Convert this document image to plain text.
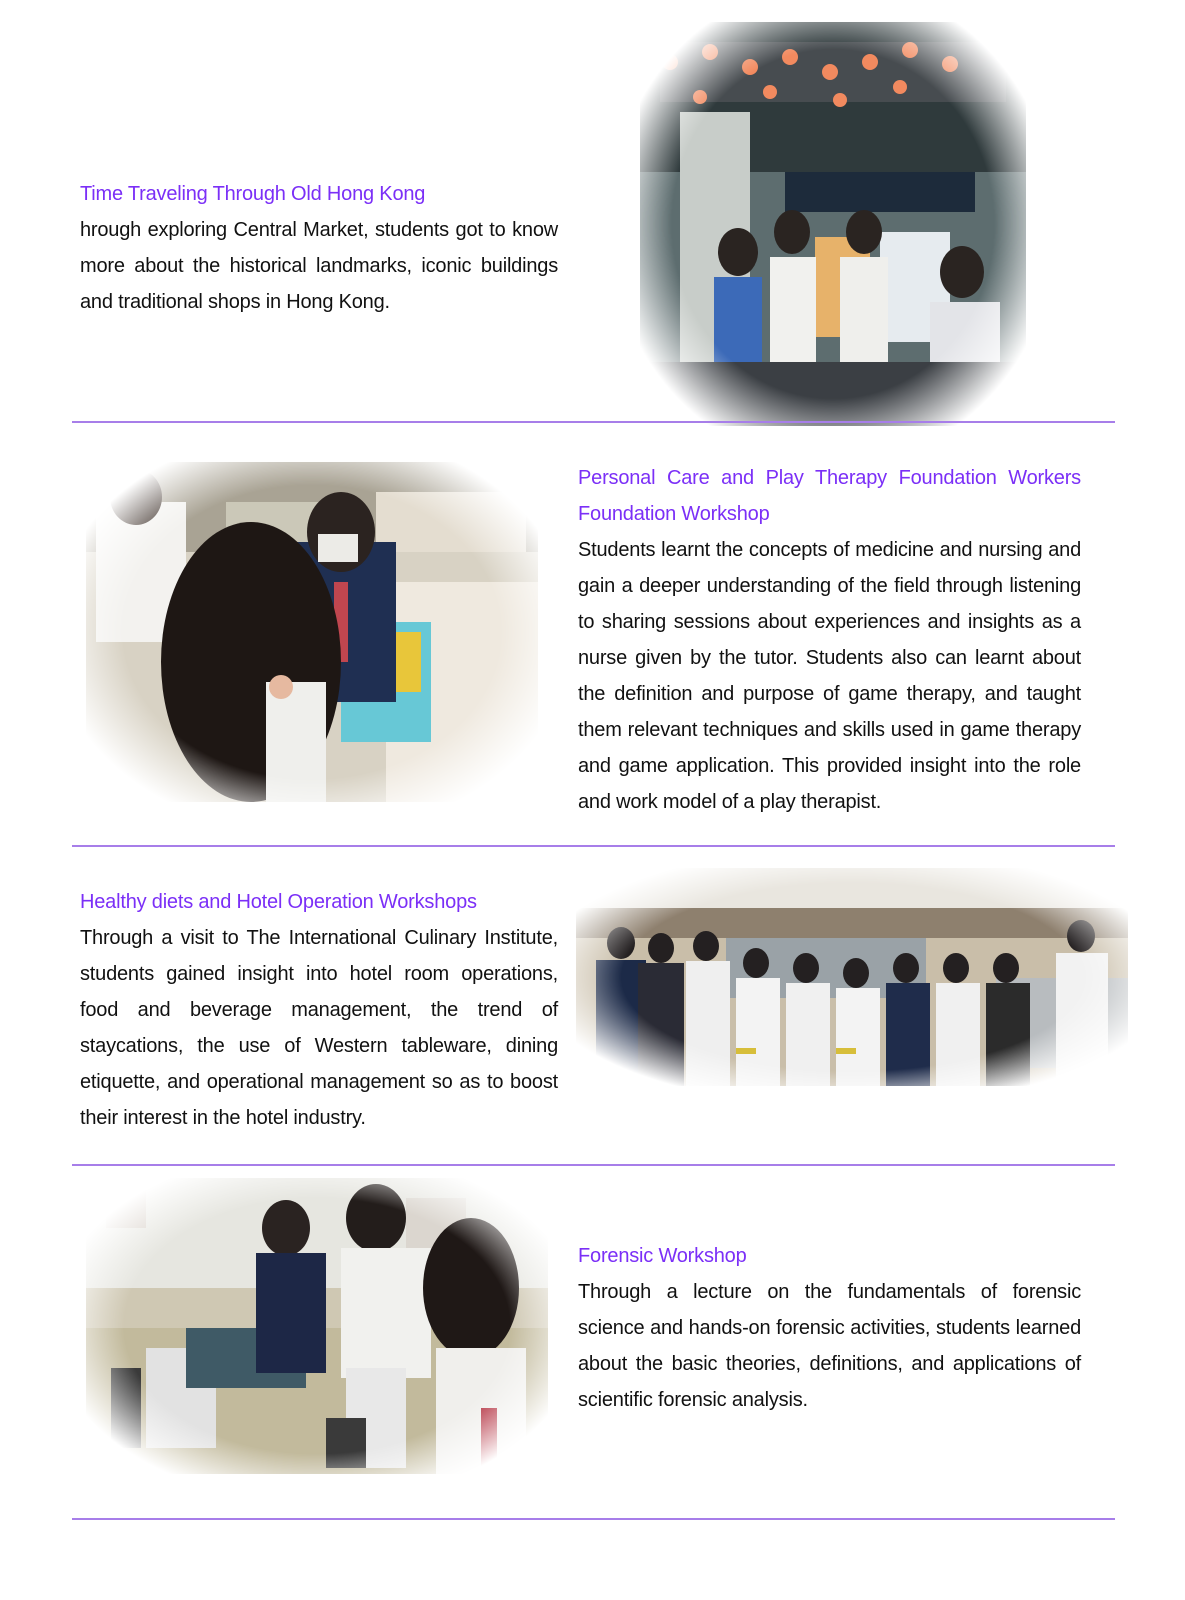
Time Traveling Through Old Hong Kong
hrough exploring Central Market, students got to know more about the historical landmarks, iconic buildings and traditional shops in Hong Kong.
Personal Care and Play Therapy Foundation Workers Foundation Workshop
Students learnt the concepts of medicine and nursing and gain a deeper understanding of the field through listening to sharing sessions about experiences and insights as a nurse given by the tutor. Students also can learnt about the definition and purpose of game therapy, and taught them relevant techniques and skills used in game therapy and game application. This provided insight into the role and work model of a play therapist.
Healthy diets and Hotel Operation Workshops
Through a visit to The International Culinary Institute, students gained insight into hotel room operations, food and beverage management, the trend of staycations, the use of Western tableware, dining etiquette, and operational management so as to boost their interest in the hotel industry.
Forensic Workshop
Through a lecture on the fundamentals of forensic science and hands-on forensic activities, students learned about the basic theories, definitions, and applications of scientific forensic analysis.
